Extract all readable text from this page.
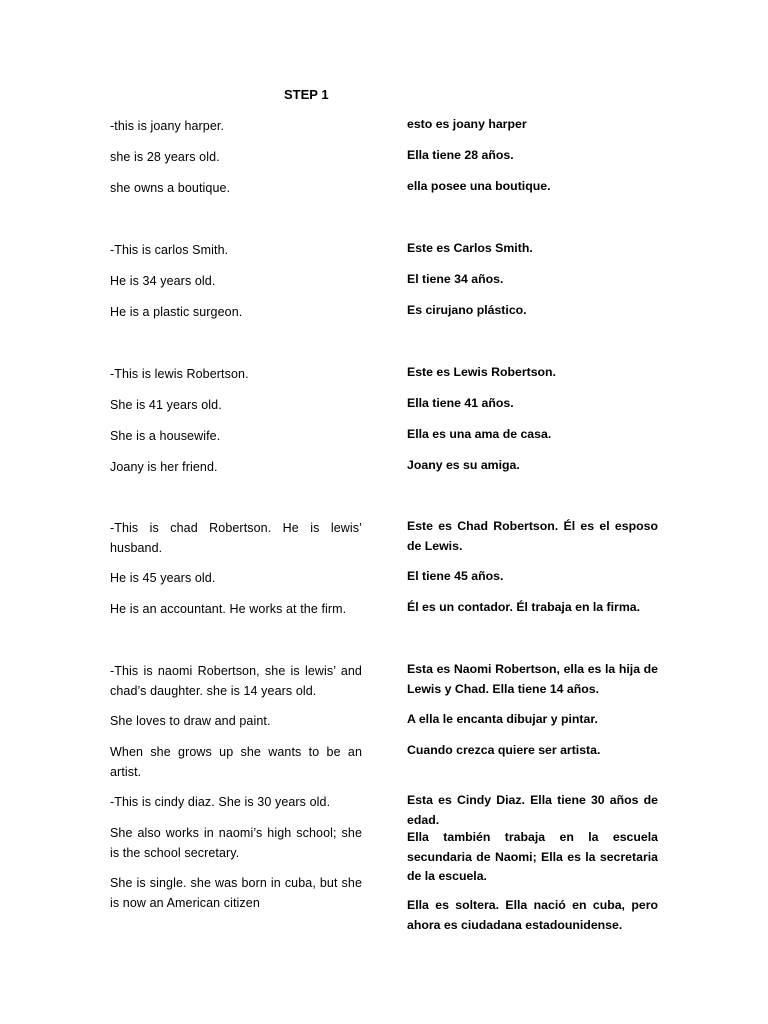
STEP 1
-this is joany harper.
she is 28 years old.
she owns a boutique.
-This is carlos Smith.
He is 34 years old.
He is a plastic surgeon.
-This is lewis Robertson.
She is 41 years old.
She is a housewife.
Joany is her friend.
-This is chad Robertson. He is lewis’ husband.
He is 45 years old.
He is an accountant. He works at the firm.
-This is naomi Robertson, she is lewis’ and chad’s daughter. she is 14 years old.
She loves to draw and paint.
When she grows up she wants to be an artist.
-This is cindy diaz. She is 30 years old.
She also works in naomi’s high school; she is the school secretary.
She is single. she was born in cuba, but she is now an American citizen
esto es joany harper
Ella tiene 28 años.
ella posee una boutique.
Este es Carlos Smith.
El tiene 34 años.
Es cirujano plástico.
Este es Lewis Robertson.
Ella tiene 41 años.
Ella es una ama de casa.
Joany es su amiga.
Este es Chad Robertson. Él es el esposo de Lewis.
El tiene 45 años.
Él es un contador. Él trabaja en la firma.
Esta es Naomi Robertson, ella es la hija de Lewis y Chad. Ella tiene 14 años.
A ella le encanta dibujar y pintar.
Cuando crezca quiere ser artista.
Esta es Cindy Diaz. Ella tiene 30 años de edad.
Ella también trabaja en la escuela secundaria de Naomi; Ella es la secretaria de la escuela.
Ella es soltera. Ella nació en cuba, pero ahora es ciudadana estadounidense.
